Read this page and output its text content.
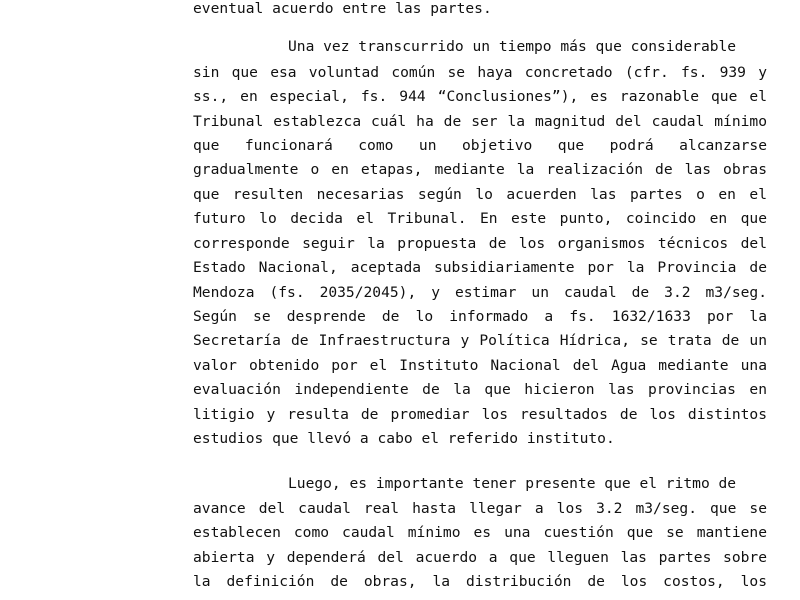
eventual acuerdo entre las partes.

Una vez transcurrido un tiempo más que considerable

sin que esa voluntad común se haya concretado (cfr. fs. 939 y

ss., en especial, fs. 944 “Conclusiones”), es razonable que el

Tribunal establezca cuál ha de ser la magnitud del caudal mínimo

que funcionará como un objetivo que podrá alcanzarse

gradualmente o en etapas, mediante la realización de las obras

que resulten necesarias según lo acuerden las partes o en el

futuro lo decida el Tribunal. En este punto, coincido en que

corresponde seguir la propuesta de los organismos técnicos del

Estado Nacional, aceptada subsidiariamente por la Provincia de

Mendoza (fs. 2035/2045), y estimar un caudal de 3.2 m3/seg.

Según se desprende de lo informado a fs. 1632/1633 por la

Secretaría de Infraestructura y Política Hídrica, se trata de un

valor obtenido por el Instituto Nacional del Agua mediante una

evaluación independiente de la que hicieron las provincias en

litigio y resulta de promediar los resultados de los distintos

estudios que llevó a cabo el referido instituto.

Luego, es importante tener presente que el ritmo de

avance del caudal real hasta llegar a los 3.2 m3/seg. que se

establecen como caudal mínimo es una cuestión que se mantiene

abierta y dependerá del acuerdo a que lleguen las partes sobre

la definición de obras, la distribución de los costos, los
